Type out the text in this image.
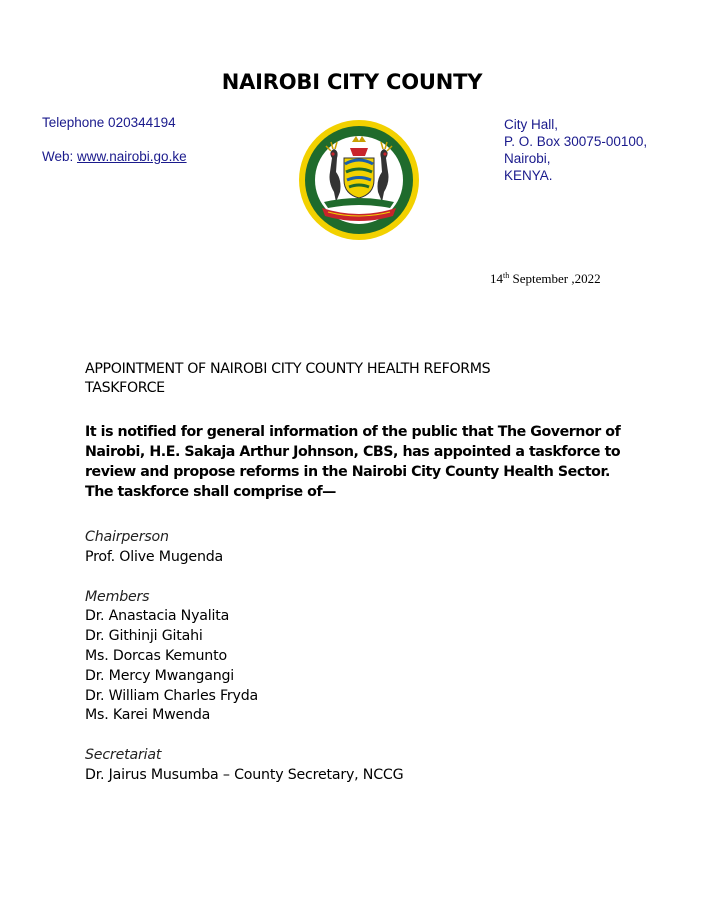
NAIROBI CITY COUNTY
Telephone 020344194
Web: www.nairobi.go.ke
City Hall,
P. O. Box 30075-00100,
Nairobi,
KENYA.
14th September ,2022
APPOINTMENT OF NAIROBI CITY COUNTY HEALTH REFORMS
TASKFORCE
It is notified for general information of the public that The Governor of
Nairobi, H.E. Sakaja Arthur Johnson, CBS, has appointed a taskforce to
review and propose reforms in the Nairobi City County Health Sector.
The taskforce shall comprise of—
Chairperson
Prof. Olive Mugenda
Members
Dr. Anastacia Nyalita
Dr. Githinji Gitahi
Ms. Dorcas Kemunto
Dr. Mercy Mwangangi
Dr. William Charles Fryda
Ms. Karei Mwenda
Secretariat
Dr. Jairus Musumba – County Secretary, NCCG
